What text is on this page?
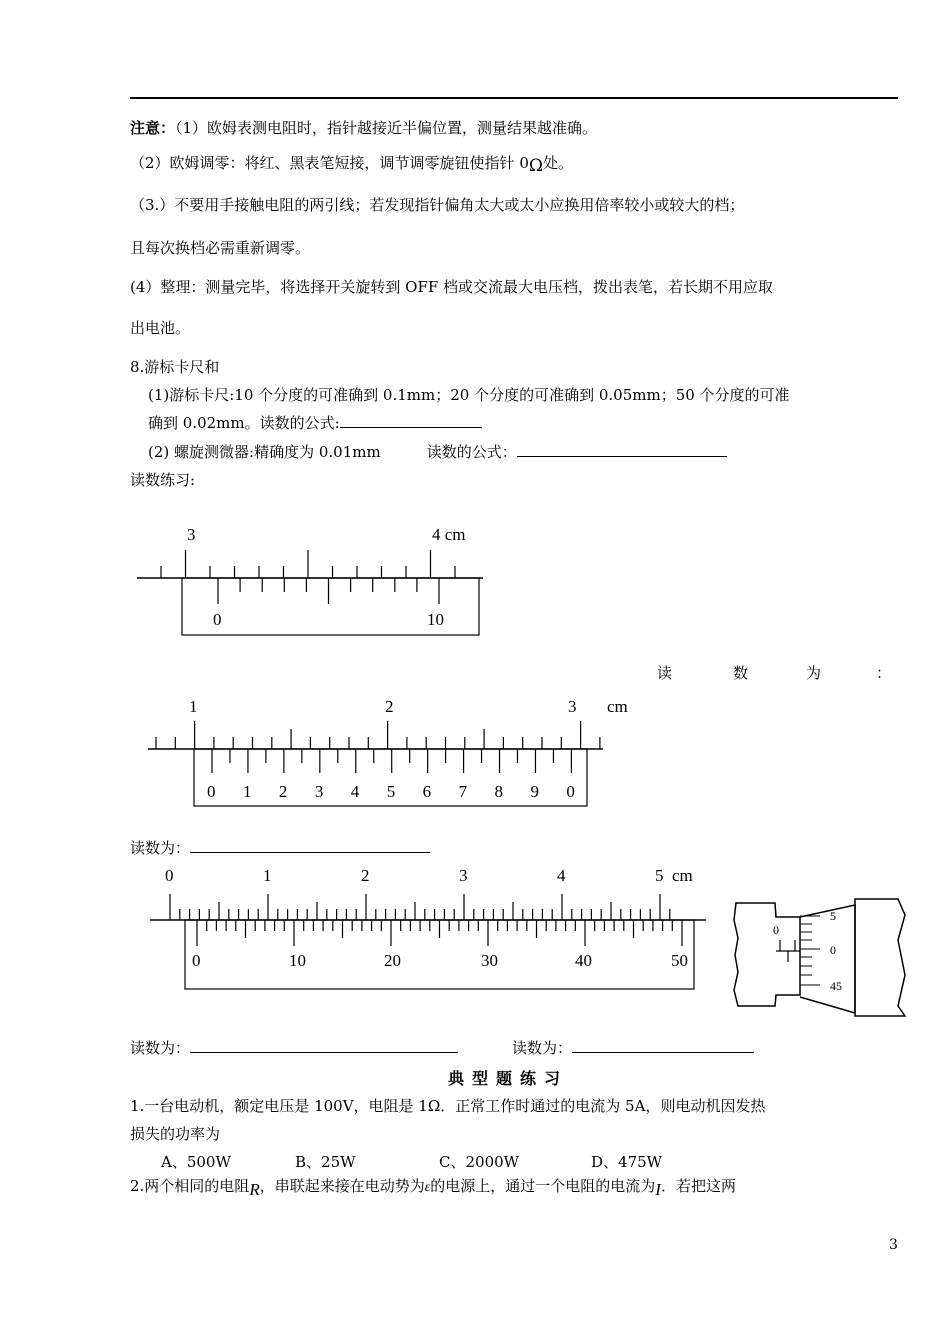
注意：（1）欧姆表测电阻时，指针越接近半偏位置，测量结果越准确。
（2）欧姆调零：将红、黑表笔短接，调节调零旋钮使指针 0Ω处。
（3.）不要用手接触电阻的两引线；若发现指针偏角太大或太小应换用倍率较小或较大的档；
且每次换档必需重新调零。
(4）整理：测量完毕，将选择开关旋转到 OFF 档或交流最大电压档，拨出表笔，若长期不用应取
出电池。
8.游标卡尺和
(1)游标卡尺:10 个分度的可准确到 0.1mm；20 个分度的可准确到 0.05mm；50 个分度的可准
确到 0.02mm。读数的公式:
(2) 螺旋测微器:精确度为 0.01mm	读数的公式：
读数练习:
3	4 cm
0	10
读	数	为	：
1	2	3 cm
0 1 2 3 4 5 6 7 8 9 0
读数为：
0	1	2	3	4	5 cm
0	10	20	30	40	50
0
5
0
45
读数为：	读数为：
典型题练习
1.一台电动机，额定电压是 100V，电阻是 1Ω．正常工作时通过的电流为 5A，则电动机因发热
损失的功率为
A、500W	B、25W	C、2000W	D、475W
2.两个相同的电阻R，串联起来接在电动势为ε的电源上，通过一个电阻的电流为I．若把这两
3
